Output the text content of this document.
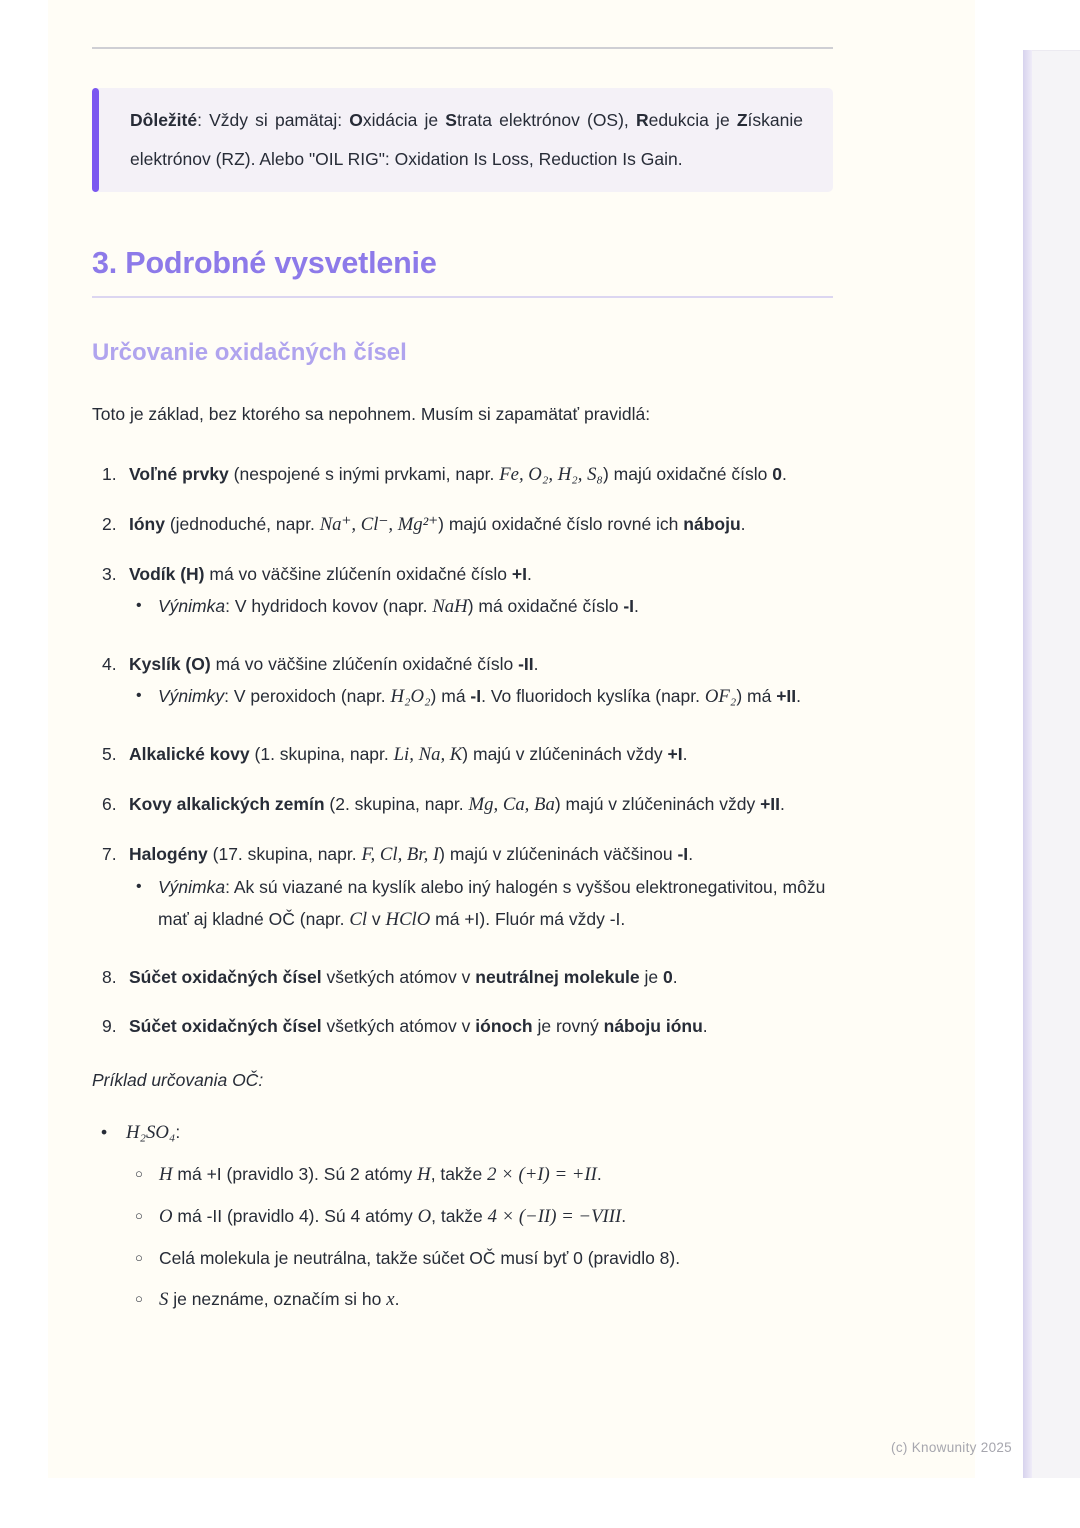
Dôležité: Vždy si pamätaj: Oxidácia je Strata elektrónov (OS), Redukcia je Získanie elektrónov (RZ). Alebo "OIL RIG": Oxidation Is Loss, Reduction Is Gain.

3. Podrobné vysvetlenie
Určovanie oxidačných čísel

Toto je základ, bez ktorého sa nepohnem. Musím si zapamätať pravidlá:

1. Voľné prvky (nespojené s inými prvkami, napr. Fe, O₂, H₂, S₈) majú oxidačné číslo 0.
2. Ióny (jednoduché, napr. Na⁺, Cl⁻, Mg²⁺) majú oxidačné číslo rovné ich náboju.
3. Vodík (H) má vo väčšine zlúčenín oxidačné číslo +I.
• Výnimka: V hydridoch kovov (napr. NaH) má oxidačné číslo -I.
4. Kyslík (O) má vo väčšine zlúčenín oxidačné číslo -II.
• Výnimky: V peroxidoch (napr. H₂O₂) má -I. Vo fluoridoch kyslíka (napr. OF₂) má +II.
5. Alkalické kovy (1. skupina, napr. Li, Na, K) majú v zlúčeninách vždy +I.
6. Kovy alkalických zemín (2. skupina, napr. Mg, Ca, Ba) majú v zlúčeninách vždy +II.
7. Halogény (17. skupina, napr. F, Cl, Br, I) majú v zlúčeninách väčšinou -I.
• Výnimka: Ak sú viazané na kyslík alebo iný halogén s vyššou elektronegativitou, môžu mať aj kladné OČ (napr. Cl v HClO má +I). Fluór má vždy -I.
8. Súčet oxidačných čísel všetkých atómov v neutrálnej molekule je 0.
9. Súčet oxidačných čísel všetkých atómov v iónoch je rovný náboju iónu.

Príklad určovania OČ:

•	H₂SO₄:
○ H má +I (pravidlo 3). Sú 2 atómy H, takže 2 × (+I) = +II.
○ O má -II (pravidlo 4). Sú 4 atómy O, takže 4 × (−II) = −VIII.
○ Celá molekula je neutrálna, takže súčet OČ musí byť 0 (pravidlo 8).
○ S je neznáme, označím si ho x.
(c) Knowunity 2025
